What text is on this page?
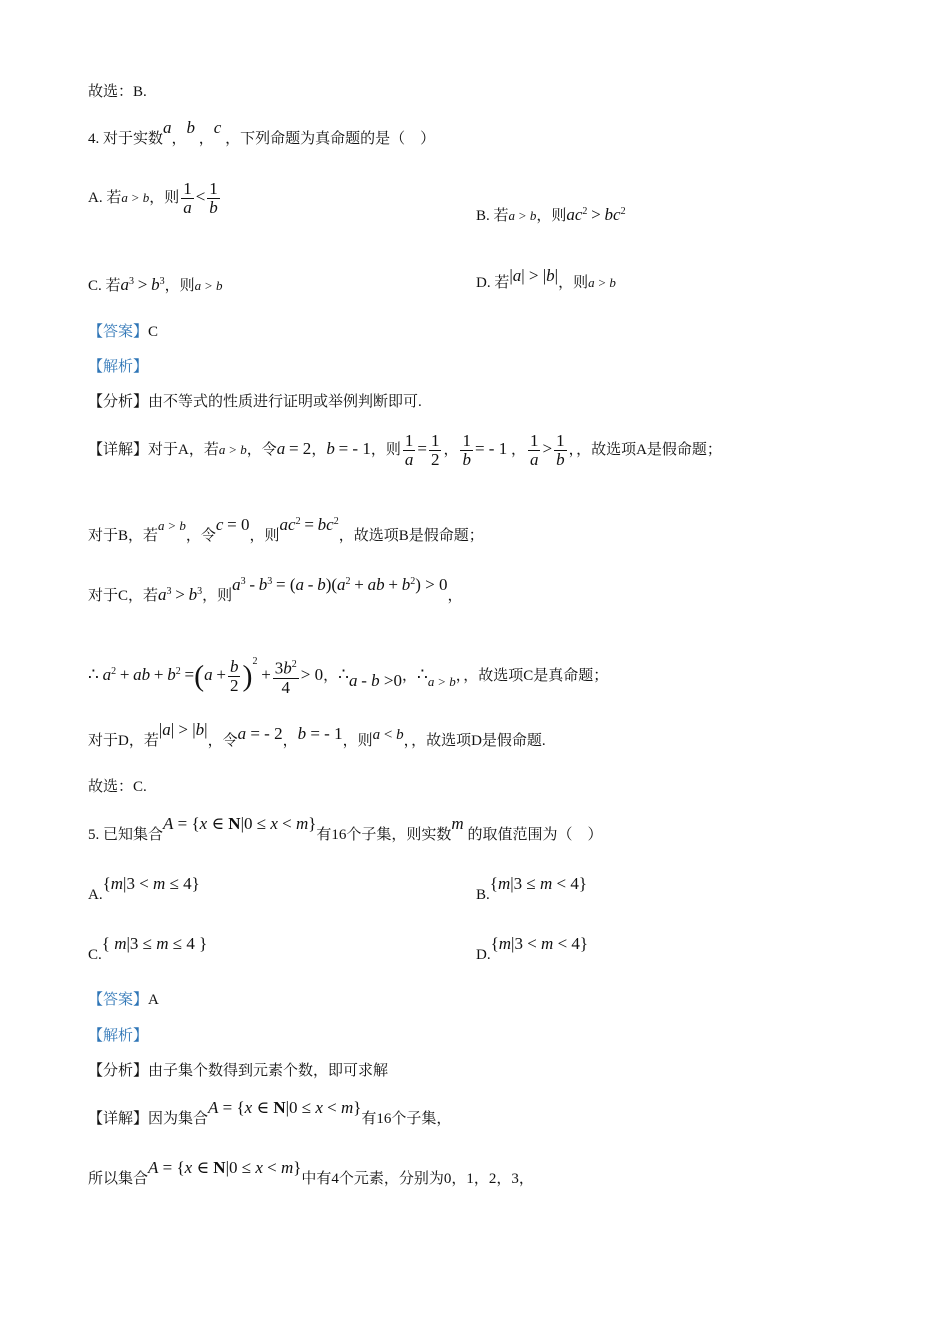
故选：B.
4. 对于实数a，b ，c ，下列命题为真命题的是（　）
A. 若a > b，则 $\frac{1}{a} < \frac{1}{b}$	B. 若a > b，则$ac^2 > bc^2$
C. 若$a^3 > b^3$，则a > b	D. 若|a| > |b|，则a > b
【答案】C
【解析】
【分析】由不等式的性质进行证明或举例判断即可.
【详解】对于A，若a > b，令a = 2，b = - 1，则 $\frac{1}{a} = \frac{1}{2}$ ， $\frac{1}{b}$ = - 1 ， $\frac{1}{a} > \frac{1}{b}$ ，，故选项A是假命题；
对于B，若a > b，令c = 0，则$ac^2 = bc^2$，故选项B是假命题；
对于C，若$a^3 > b^3$，则$a^3 - b^3 = (a - b)(a^2$ + ab + $b^2) > 0$，
∴ $a^2$ + ab + $b^2 =(a + \frac{b}{2} )^2 + \frac{3b^2}{4} > 0$，∴a - b >0，∴a > b，，故选项C是真命题；
对于D，若|a| > |b|，令a = - 2，b = - 1，则a < b，，故选项D是假命题.
故选：C.
5. 已知集合A = {x ∈ N|0 ≤ x < m}有16个子集，则实数m 的取值范围为（　）
A.{m|3 < m ≤ 4}
B.{m|3 ≤ m < 4}
C.{ m|3 ≤ m ≤ 4 }
D.{m|3 < m < 4}
【答案】A
【解析】
【分析】由子集个数得到元素个数，即可求解
【详解】因为集合A = {x ∈ N|0 ≤ x < m}有16个子集，
所以集合A = {x ∈ N|0 ≤ x < m}中有4个元素，分别为0，1，2，3，
